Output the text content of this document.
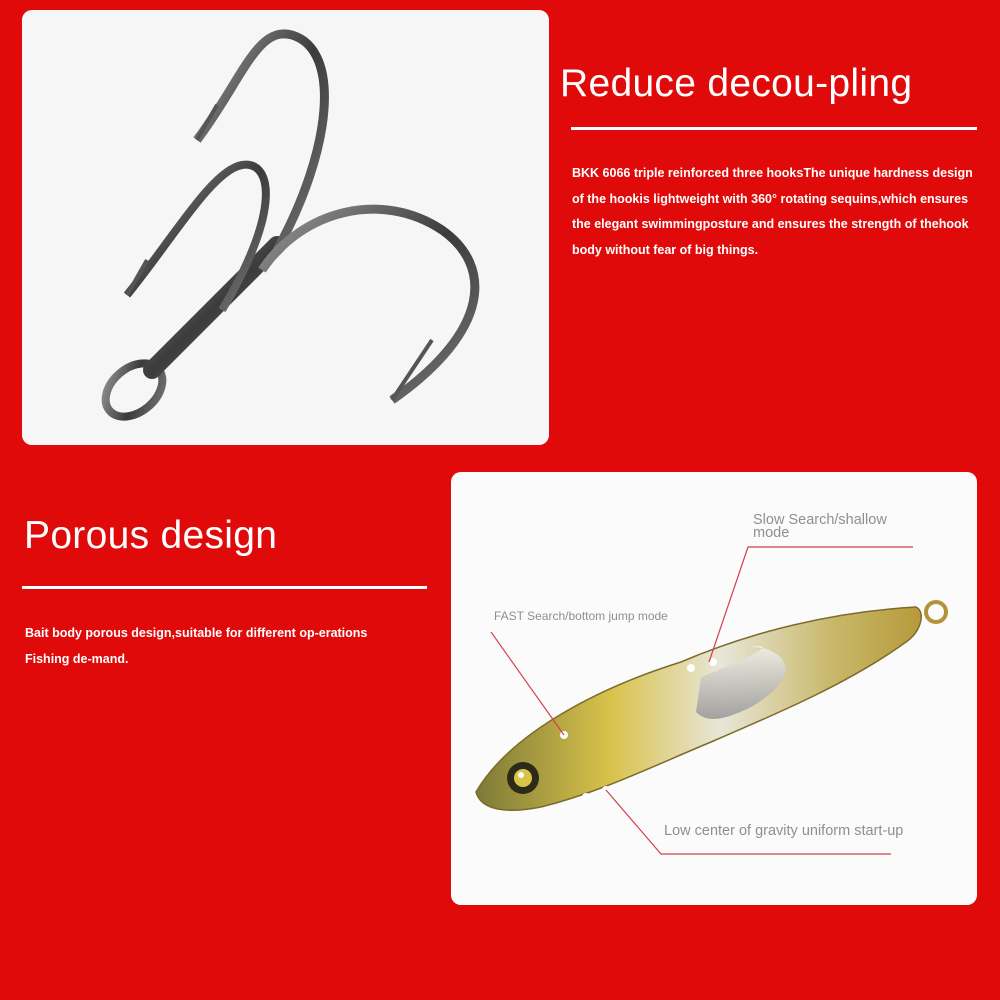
Reduce decou-pling
BKK 6066 triple reinforced three hooksThe unique hardness design
of the hookis lightweight with 360° rotating sequins,which ensures
the elegant swimmingposture and ensures the strength of thehook
body without fear of big things.
Porous design
Bait body porous design,suitable for different op-erations
Fishing de-mand.
Slow Search/shallow
mode
FAST Search/bottom jump mode
Low center of gravity uniform start-up
